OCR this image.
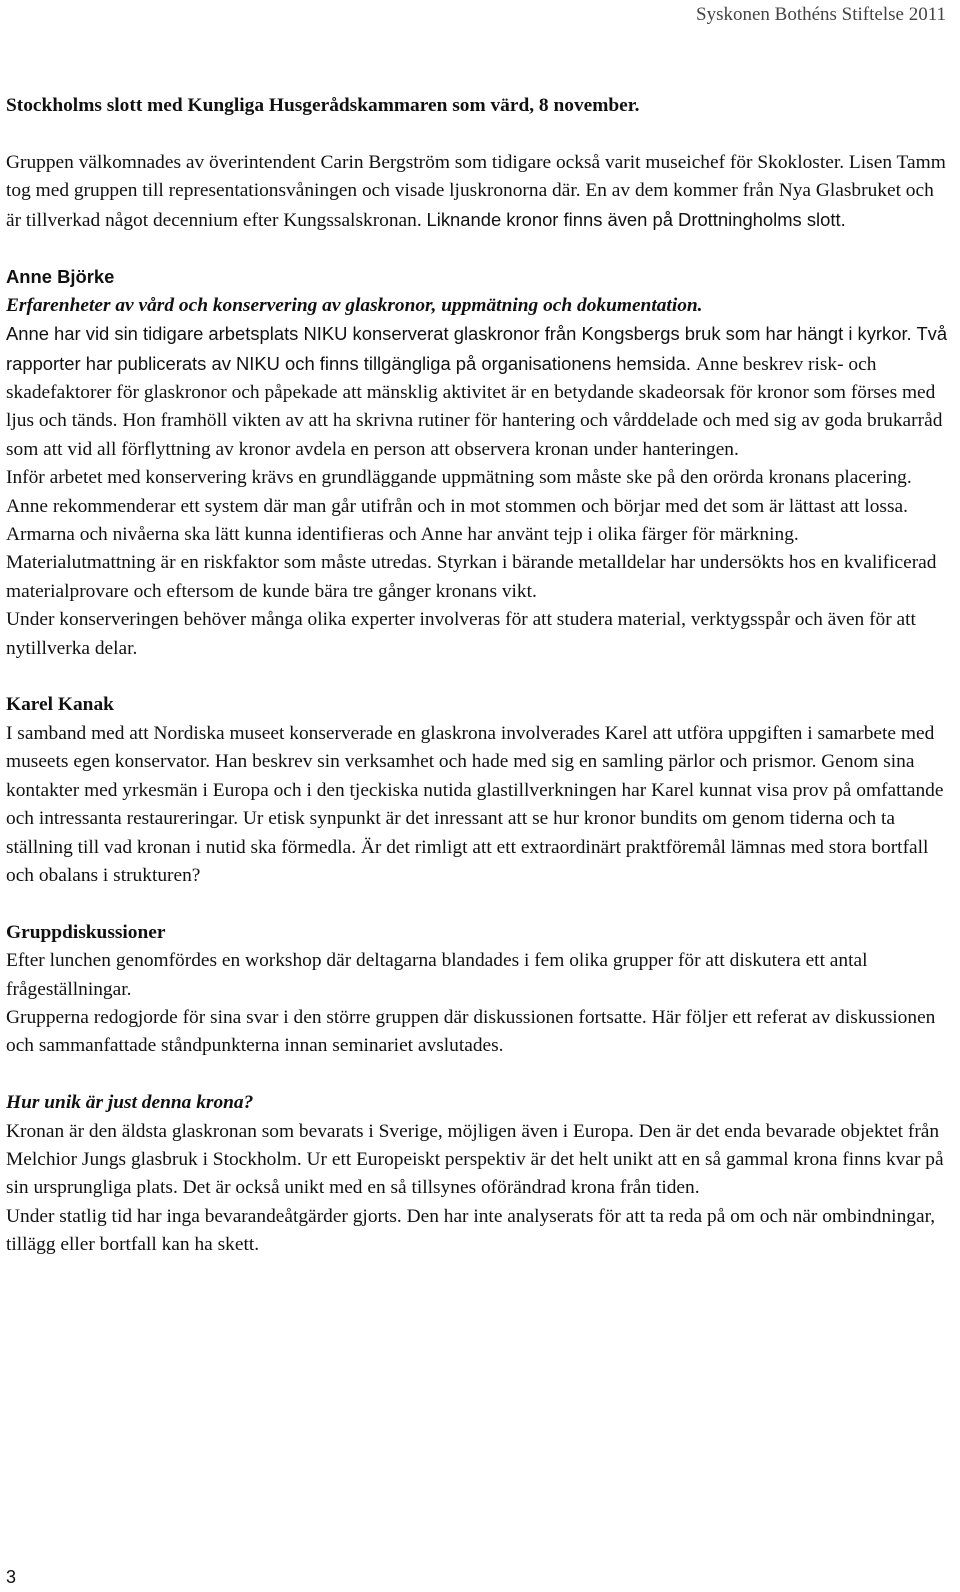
Syskonen Bothéns Stiftelse 2011

Stockholms slott med Kungliga Husgerådskammaren som värd, 8 november.

Gruppen välkomnades av överintendent Carin Bergström som tidigare också varit museichef för Skokloster. Lisen Tamm tog med gruppen till representationsvåningen och visade ljuskronorna där. En av dem kommer från Nya Glasbruket och är tillverkad något decennium efter Kungssalskronan. Liknande kronor finns även på Drottningholms slott.

Anne Björke

Erfarenheter av vård och konservering av glaskronor, uppmätning och dokumentation.

Anne har vid sin tidigare arbetsplats NIKU konserverat glaskronor från Kongsbergs bruk som har hängt i kyrkor. Två rapporter har publicerats av NIKU och finns tillgängliga på organisationens hemsida. Anne beskrev risk- och skadefaktorer för glaskronor och påpekade att mänsklig aktivitet är en betydande skadeorsak för kronor som förses med ljus och tänds. Hon framhöll vikten av att ha skrivna rutiner för hantering och vårddelade och med sig av goda brukarråd som att vid all förflyttning av kronor avdela en person att observera kronan under hanteringen.

Inför arbetet med konservering krävs en grundläggande uppmätning som måste ske på den orörda kronans placering. Anne rekommenderar ett system där man går utifrån och in mot stommen och börjar med det som är lättast att lossa. Armarna och nivåerna ska lätt kunna identifieras och Anne har använt tejp i olika färger för märkning.

Materialutmattning är en riskfaktor som måste utredas. Styrkan i bärande metalldelar har undersökts hos en kvalificerad materialprovare och eftersom de kunde bära tre gånger kronans vikt.

Under konserveringen behöver många olika experter involveras för att studera material, verktygsspår och även för att nytillverka delar.

Karel Kanak

I samband med att Nordiska museet konserverade en glaskrona involverades Karel att utföra uppgiften i samarbete med museets egen konservator. Han beskrev sin verksamhet och hade med sig en samling pärlor och prismor. Genom sina kontakter med yrkesmän i Europa och i den tjeckiska nutida glastillverkningen har Karel kunnat visa prov på omfattande och intressanta restaureringar. Ur etisk synpunkt är det inressant att se hur kronor bundits om genom tiderna och ta ställning till vad kronan i nutid ska förmedla. Är det rimligt att ett extraordinärt praktföremål lämnas med stora bortfall och obalans i strukturen?

Gruppdiskussioner

Efter lunchen genomfördes en workshop där deltagarna blandades i fem olika grupper för att diskutera ett antal frågeställningar.

Grupperna redogjorde för sina svar i den större gruppen där diskussionen fortsatte. Här följer ett referat av diskussionen och sammanfattade ståndpunkterna innan seminariet avslutades.

Hur unik är just denna krona?

Kronan är den äldsta glaskronan som bevarats i Sverige, möjligen även i Europa. Den är det enda bevarade objektet från Melchior Jungs glasbruk i Stockholm. Ur ett Europeiskt perspektiv är det helt unikt att en så gammal krona finns kvar på sin ursprungliga plats. Det är också unikt med en så tillsynes oförändrad krona från tiden.

Under statlig tid har inga bevarandeåtgärder gjorts. Den har inte analyserats för att ta reda på om och när ombindningar, tillägg eller bortfall kan ha skett.

3
